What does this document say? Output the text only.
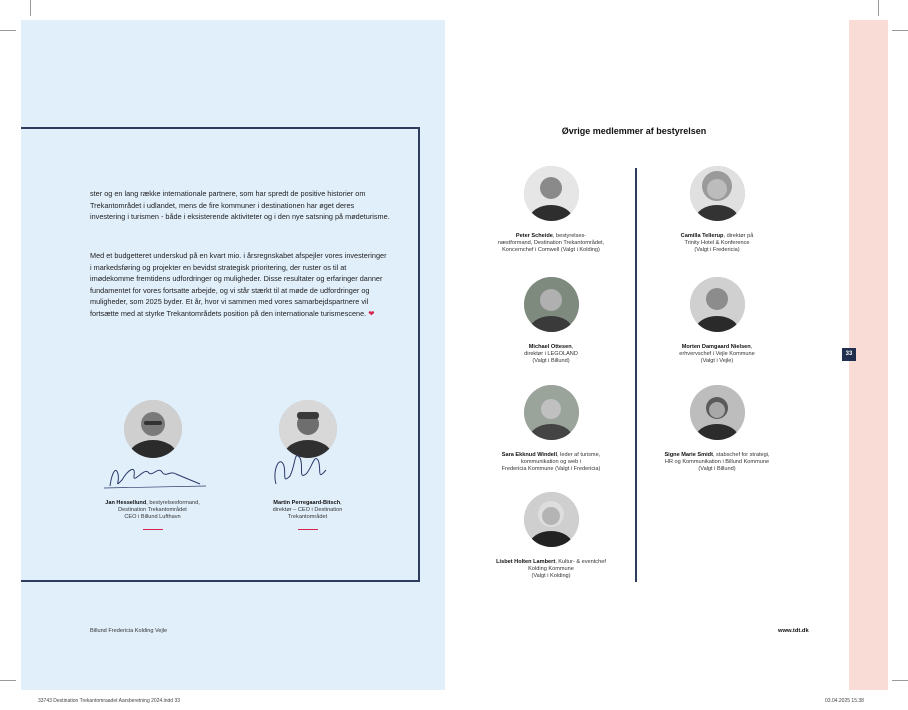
ster og en lang række internationale partnere, som har spredt de positive historier om Trekantområdet i udlandet, mens de fire kommuner i destinationen har øget deres investering i turismen - både i eksisterende aktiviteter og i den nye satsning på mødeturisme.

Med et budgetteret underskud på en kvart mio. i årsregnskabet afspejler vores investeringer i markedsføring og projekter en bevidst strategisk prioritering, der ruster os til at imødekomme fremtidens udfordringer og muligheder. Disse resultater og erfaringer danner fundamentet for vores fortsatte arbejde, og vi står stærkt til at møde de udfordringer og muligheder, som 2025 byder. Et år, hvor vi sammen med vores samarbejdspartnere vil fortsætte med at styrke Trekantområdets position på den internationale turismescene. ❤

Jan Hessellund, bestyrelsesformand,
Destination Trekantområdet
CEO i Billund Lufthavn
Martin Perregaard-Bitsch,
direktør – CEO i Destination
Trekantområdet
Billund Fredericia Kolding Vejle
Øvrige medlemmer af bestyrelsen
Peter Scheide, bestyrelses-
næstformand, Destination Trekantområdet,
Koncernchef i Comwell (Valgt i Kolding)
Camilla Tellerup, direktør på
Trinity Hotel & Konference
(Valgt i Fredericia)
Michael Ottesen,
direktør i LEGOLAND
(Valgt i Billund)
Morten Damgaard Nielsen,
erhvervschef i Vejle Kommune
(Valgt i Vejle)
Sara Ekknud Windell, leder af turisme,
kommunikation og web i
Fredericia Kommune (Valgt i Fredericia)
Signe Marie Smidt, stabschef for strategi,
HR og Kommunikation i Billund Kommune
(Valgt i Billund)
Lisbet Holten Lambert, Kultur- & eventchef
Kolding Kommune
(Valgt i Kolding)
33
www.tdt.dk
33743 Destination Trekantomraadet Aarsberetning 2024.indd 33	03.04.2025 15.38
